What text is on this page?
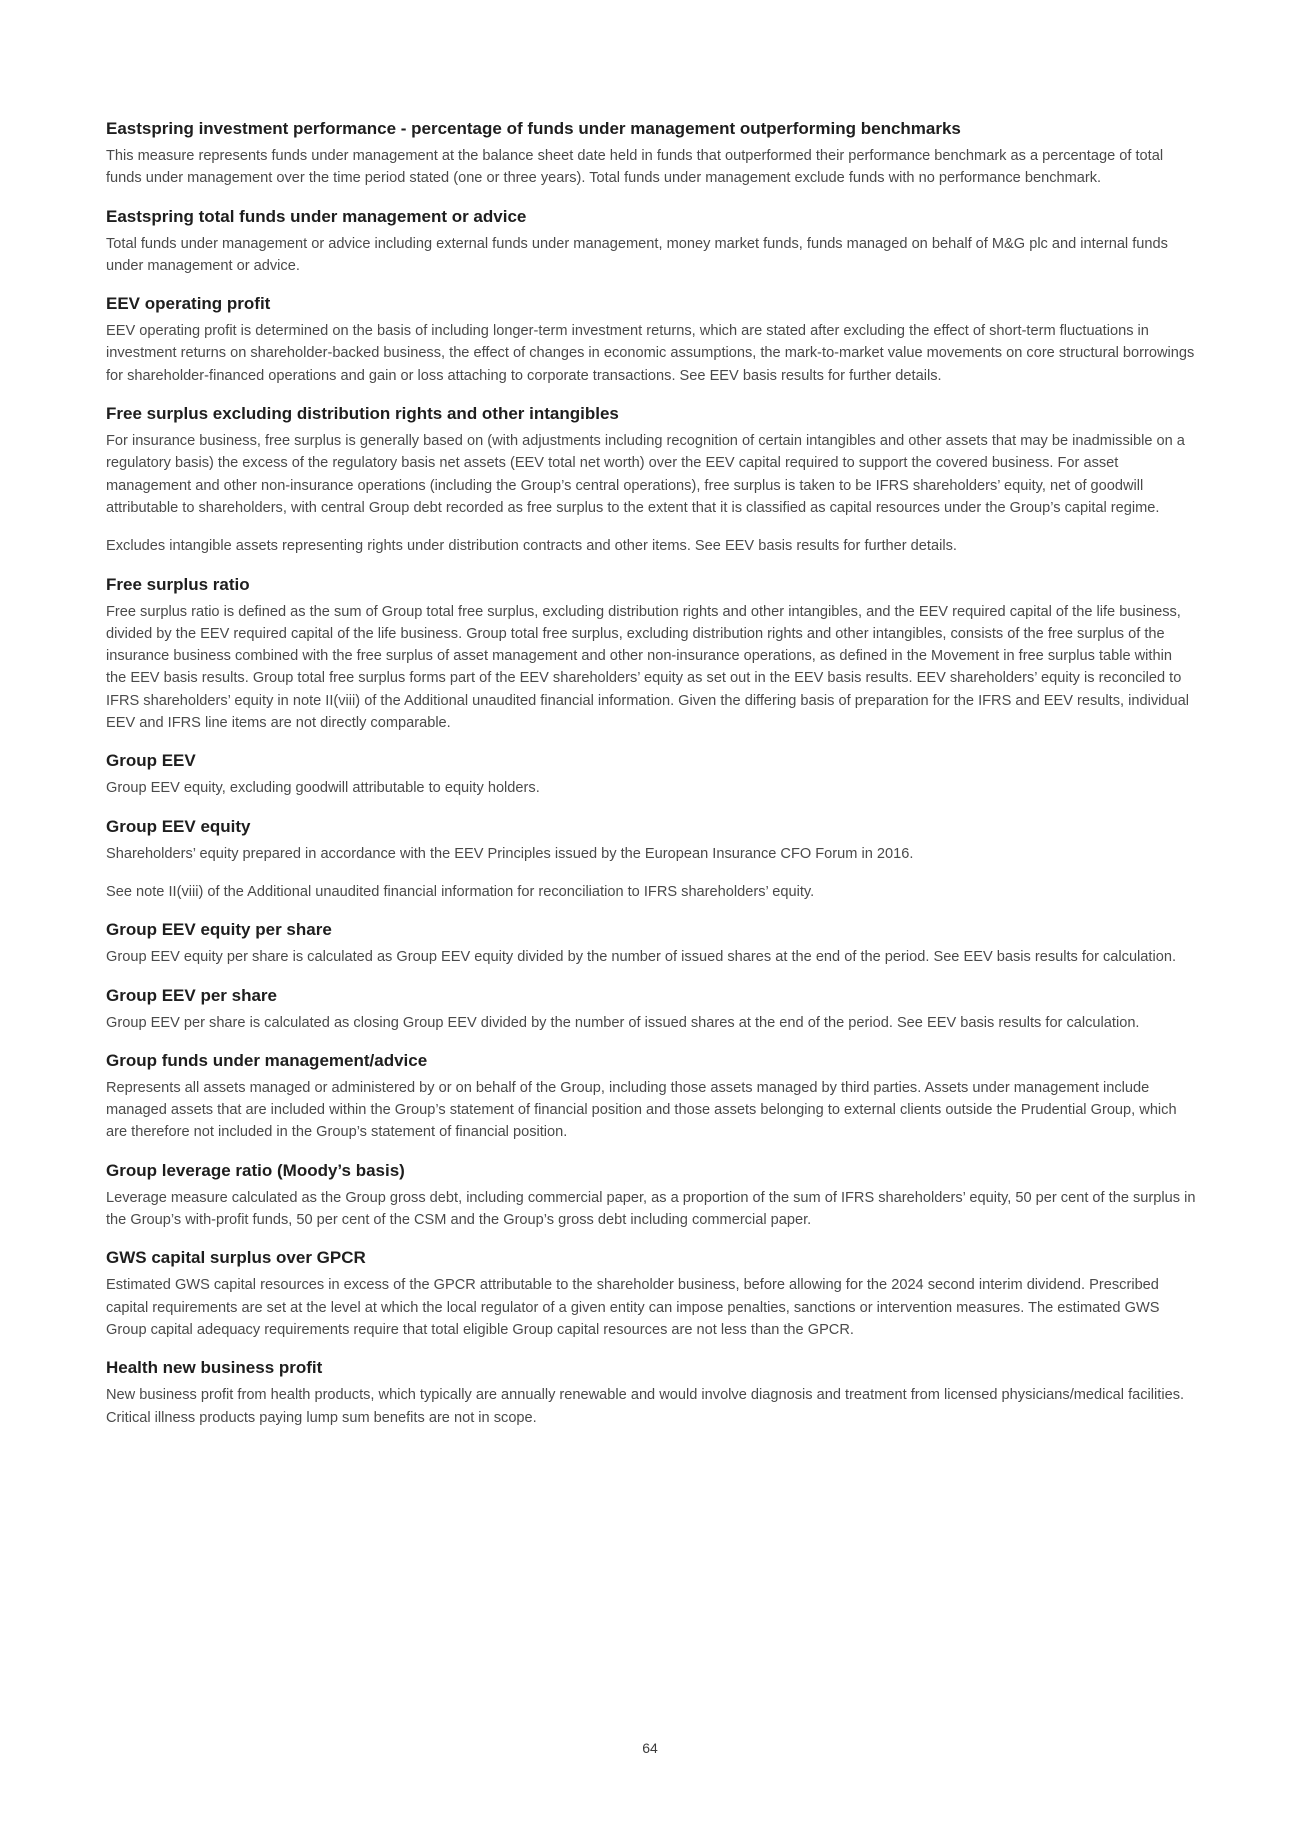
Eastspring investment performance - percentage of funds under management outperforming benchmarks

This measure represents funds under management at the balance sheet date held in funds that outperformed their performance benchmark as a percentage of total funds under management over the time period stated (one or three years). Total funds under management exclude funds with no performance benchmark.

Eastspring total funds under management or advice

Total funds under management or advice including external funds under management, money market funds, funds managed on behalf of M&G plc and internal funds under management or advice.

EEV operating profit

EEV operating profit is determined on the basis of including longer-term investment returns, which are stated after excluding the effect of short-term fluctuations in investment returns on shareholder-backed business, the effect of changes in economic assumptions, the mark-to-market value movements on core structural borrowings for shareholder-financed operations and gain or loss attaching to corporate transactions. See EEV basis results for further details.

Free surplus excluding distribution rights and other intangibles

For insurance business, free surplus is generally based on (with adjustments including recognition of certain intangibles and other assets that may be inadmissible on a regulatory basis) the excess of the regulatory basis net assets (EEV total net worth) over the EEV capital required to support the covered business. For asset management and other non-insurance operations (including the Group’s central operations), free surplus is taken to be IFRS shareholders’ equity, net of goodwill attributable to shareholders, with central Group debt recorded as free surplus to the extent that it is classified as capital resources under the Group’s capital regime.

Excludes intangible assets representing rights under distribution contracts and other items. See EEV basis results for further details.

Free surplus ratio

Free surplus ratio is defined as the sum of Group total free surplus, excluding distribution rights and other intangibles, and the EEV required capital of the life business, divided by the EEV required capital of the life business. Group total free surplus, excluding distribution rights and other intangibles, consists of the free surplus of the insurance business combined with the free surplus of asset management and other non-insurance operations, as defined in the Movement in free surplus table within the EEV basis results. Group total free surplus forms part of the EEV shareholders’ equity as set out in the EEV basis results. EEV shareholders’ equity is reconciled to IFRS shareholders’ equity in note II(viii) of the Additional unaudited financial information. Given the differing basis of preparation for the IFRS and EEV results, individual EEV and IFRS line items are not directly comparable.

Group EEV

Group EEV equity, excluding goodwill attributable to equity holders.

Group EEV equity

Shareholders’ equity prepared in accordance with the EEV Principles issued by the European Insurance CFO Forum in 2016.

See note II(viii) of the Additional unaudited financial information for reconciliation to IFRS shareholders’ equity.

Group EEV equity per share

Group EEV equity per share is calculated as Group EEV equity divided by the number of issued shares at the end of the period. See EEV basis results for calculation.

Group EEV per share

Group EEV per share is calculated as closing Group EEV divided by the number of issued shares at the end of the period. See EEV basis results for calculation.

Group funds under management/advice

Represents all assets managed or administered by or on behalf of the Group, including those assets managed by third parties. Assets under management include managed assets that are included within the Group’s statement of financial position and those assets belonging to external clients outside the Prudential Group, which are therefore not included in the Group’s statement of financial position.

Group leverage ratio (Moody’s basis)

Leverage measure calculated as the Group gross debt, including commercial paper, as a proportion of the sum of IFRS shareholders’ equity, 50 per cent of the surplus in the Group’s with-profit funds, 50 per cent of the CSM and the Group’s gross debt including commercial paper.

GWS capital surplus over GPCR

Estimated GWS capital resources in excess of the GPCR attributable to the shareholder business, before allowing for the 2024 second interim dividend. Prescribed capital requirements are set at the level at which the local regulator of a given entity can impose penalties, sanctions or intervention measures. The estimated GWS Group capital adequacy requirements require that total eligible Group capital resources are not less than the GPCR.

Health new business profit

New business profit from health products, which typically are annually renewable and would involve diagnosis and treatment from licensed physicians/medical facilities. Critical illness products paying lump sum benefits are not in scope.

64
